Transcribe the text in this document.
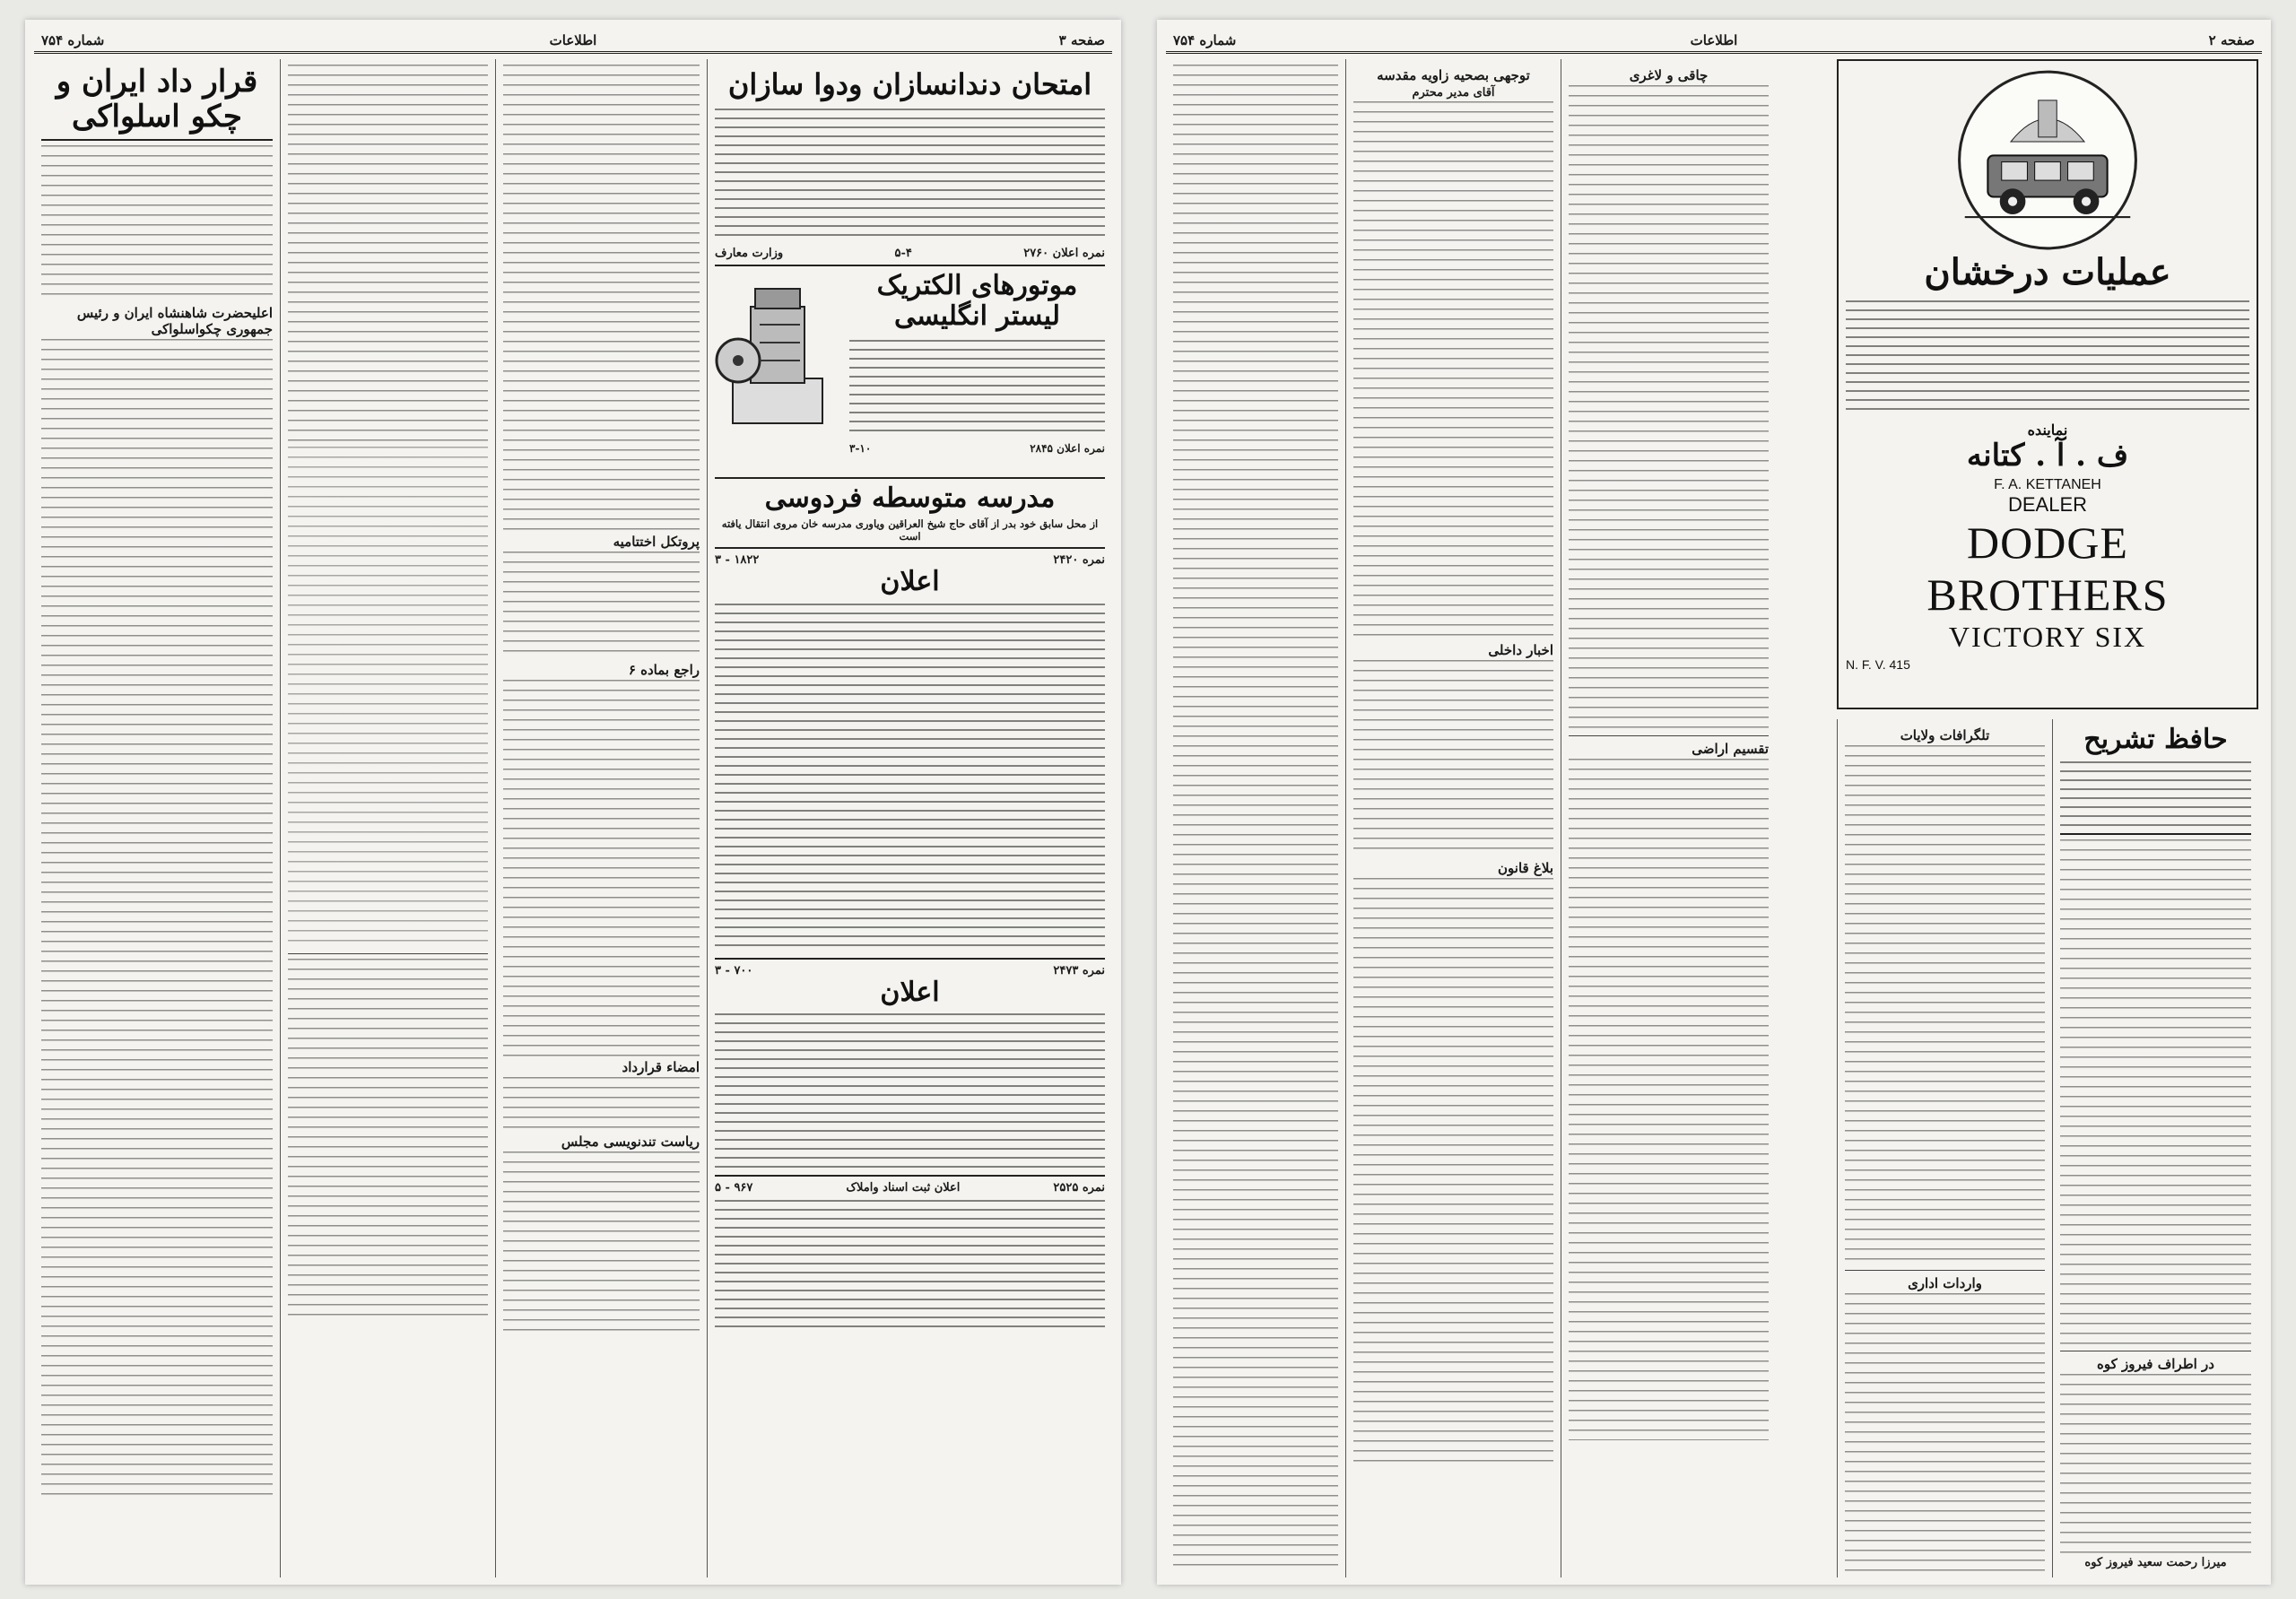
شماره ۷۵۴	اطلاعات	صفحه ۳
قرار داد ایران و چکو اسلواکی
اعلیحضرت شاهنشاه ایران و رئیس جمهوری چکواسلواکی
پروتکل اختتامیه
راجع بماده ۶
امضاء قرارداد
ریاست تندنویسی مجلس
امتحان دندانسازان ودوا سازان
نمره اعلان ۲۷۶۰
۵-۴
وزارت معارف
موتورهای الکتریک لیستر انگلیسی
نمره اعلان ۲۸۴۵
۳-۱۰
مدرسه متوسطه فردوسی
از محل سابق خود بدر از آقای حاج شیخ العراقین ویاوری مدرسه خان مروی انتقال یافته است
نمره ۲۴۲۰
۱۸۲۲ - ۳
اعلان
نمره ۲۴۷۳
۷۰۰ - ۳
اعلان
نمره ۲۵۲۵
اعلان ثبت اسناد واملاک
۹۶۷ - ۵
شماره ۷۵۴	اطلاعات	صفحه ۲
توجهی بصحیه زاویه مقدسه
آقای مدیر محترم
اخبار داخلی
بلاغ قانون
چاقی و لاغری
تقسیم اراضی
عملیات درخشان
نماینده
ف . آ . کتانه
F. A. KETTANEH
DEALER
DODGE BROTHERS
VICTORY SIX
N. F. V. 415
حافظ تشریح
در اطراف فیروز کوه
میرزا رحمت سعید فیروز کوه
تلگرافات ولایات
واردات اداری
